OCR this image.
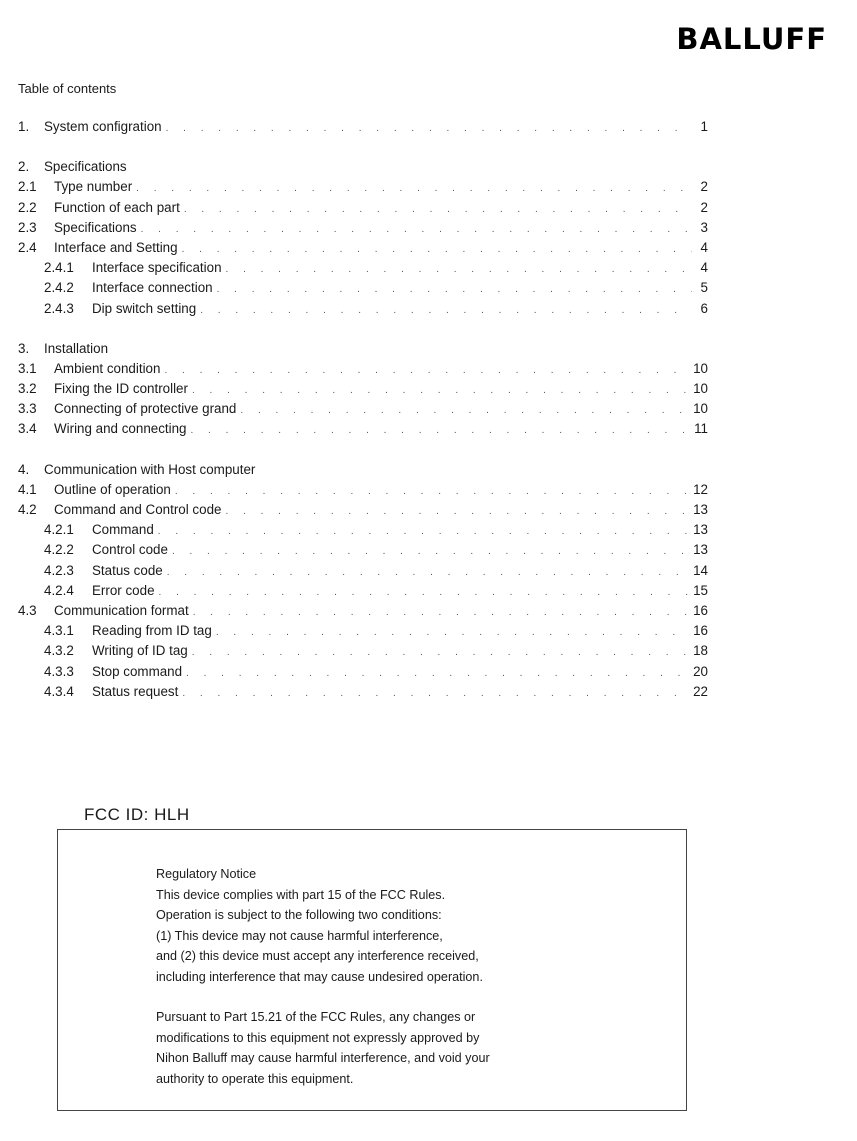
BALLUFF
Table of contents
1.	System configration . . .	1
2. Specifications
2.1	Type number . . .	2
2.2	Function of each part . . .	2
2.3	Specifications . . .	3
2.4	Interface and Setting . . .	4
2.4.1	Interface specification . . .	4
2.4.2	Interface connection . . .	5
2.4.3	Dip switch setting . . .	6
3. Installation
3.1	Ambient condition . . .	10
3.2	Fixing the ID controller . . .	10
3.3	Connecting of protective grand . . .	10
3.4	Wiring and connecting . . .	11
4. Communication with Host computer
4.1	Outline of operation . . .	12
4.2	Command and Control code . . .	13
4.2.1	Command . . .	13
4.2.2	Control code . . .	13
4.2.3	Status code . . .	14
4.2.4	Error code . . .	15
4.3	Communication format . . .	16
4.3.1	Reading from ID tag . . .	16
4.3.2	Writing of ID tag . . .	18
4.3.3	Stop command . . .	20
4.3.4	Status request . . .	22
FCC ID: HLH

Regulatory Notice

This device complies with part 15 of the FCC Rules.

Operation is subject to the following two conditions:

(1) This device may not cause harmful interference,

and (2) this device must accept any interference received,

including interference that may cause undesired operation.

Pursuant to Part 15.21 of the FCC Rules, any changes or

modifications to this equipment not expressly approved by

Nihon Balluff may cause harmful interference, and void your

authority to operate this equipment.
